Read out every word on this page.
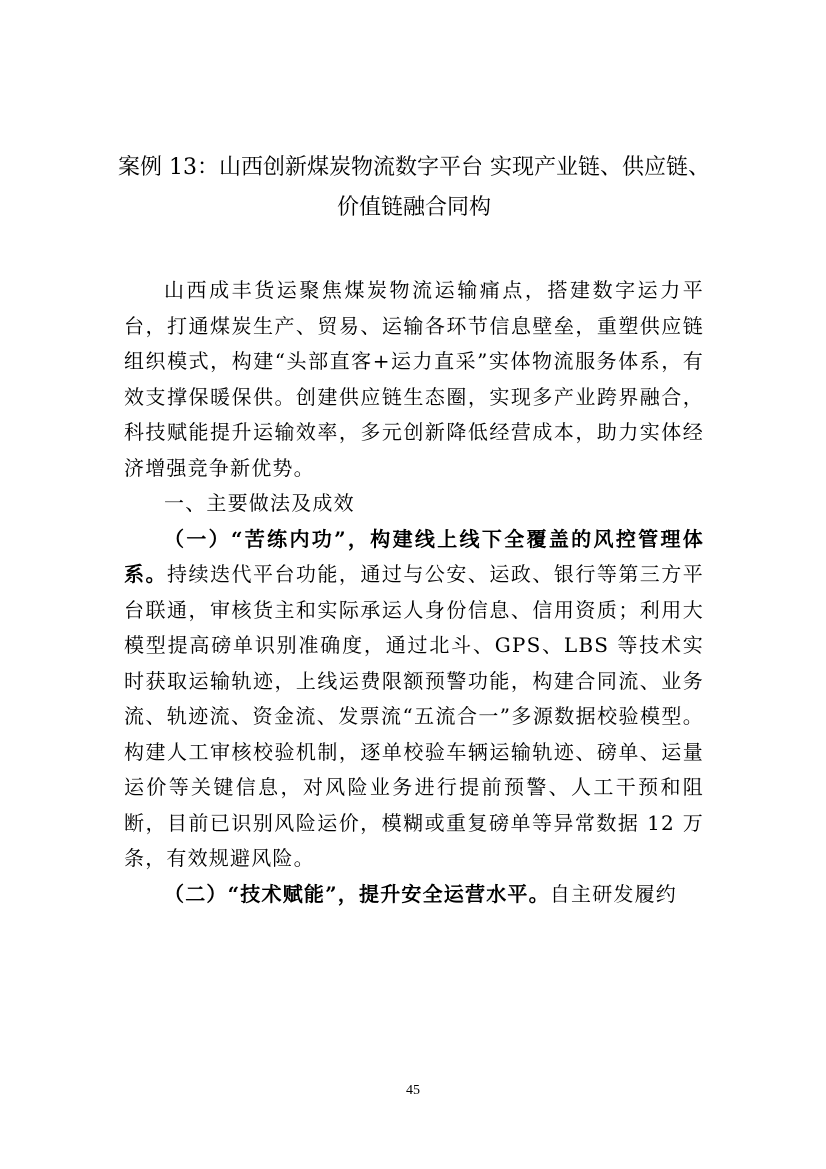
案例 13：山西创新煤炭物流数字平台 实现产业链、供应链、
价值链融合同构

山西成丰货运聚焦煤炭物流运输痛点，搭建数字运力平台，打通煤炭生产、贸易、运输各环节信息壁垒，重塑供应链组织模式，构建“头部直客+运力直采”实体物流服务体系，有效支撑保暖保供。创建供应链生态圈，实现多产业跨界融合，科技赋能提升运输效率，多元创新降低经营成本，助力实体经济增强竞争新优势。

一、主要做法及成效

（一）“苦练内功”，构建线上线下全覆盖的风控管理体系。持续迭代平台功能，通过与公安、运政、银行等第三方平台联通，审核货主和实际承运人身份信息、信用资质；利用大模型提高磅单识别准确度，通过北斗、GPS、LBS 等技术实时获取运输轨迹，上线运费限额预警功能，构建合同流、业务流、轨迹流、资金流、发票流“五流合一”多源数据校验模型。构建人工审核校验机制，逐单校验车辆运输轨迹、磅单、运量运价等关键信息，对风险业务进行提前预警、人工干预和阻断，目前已识别风险运价，模糊或重复磅单等异常数据 12 万条，有效规避风险。

（二）“技术赋能”，提升安全运营水平。自主研发履约

45
